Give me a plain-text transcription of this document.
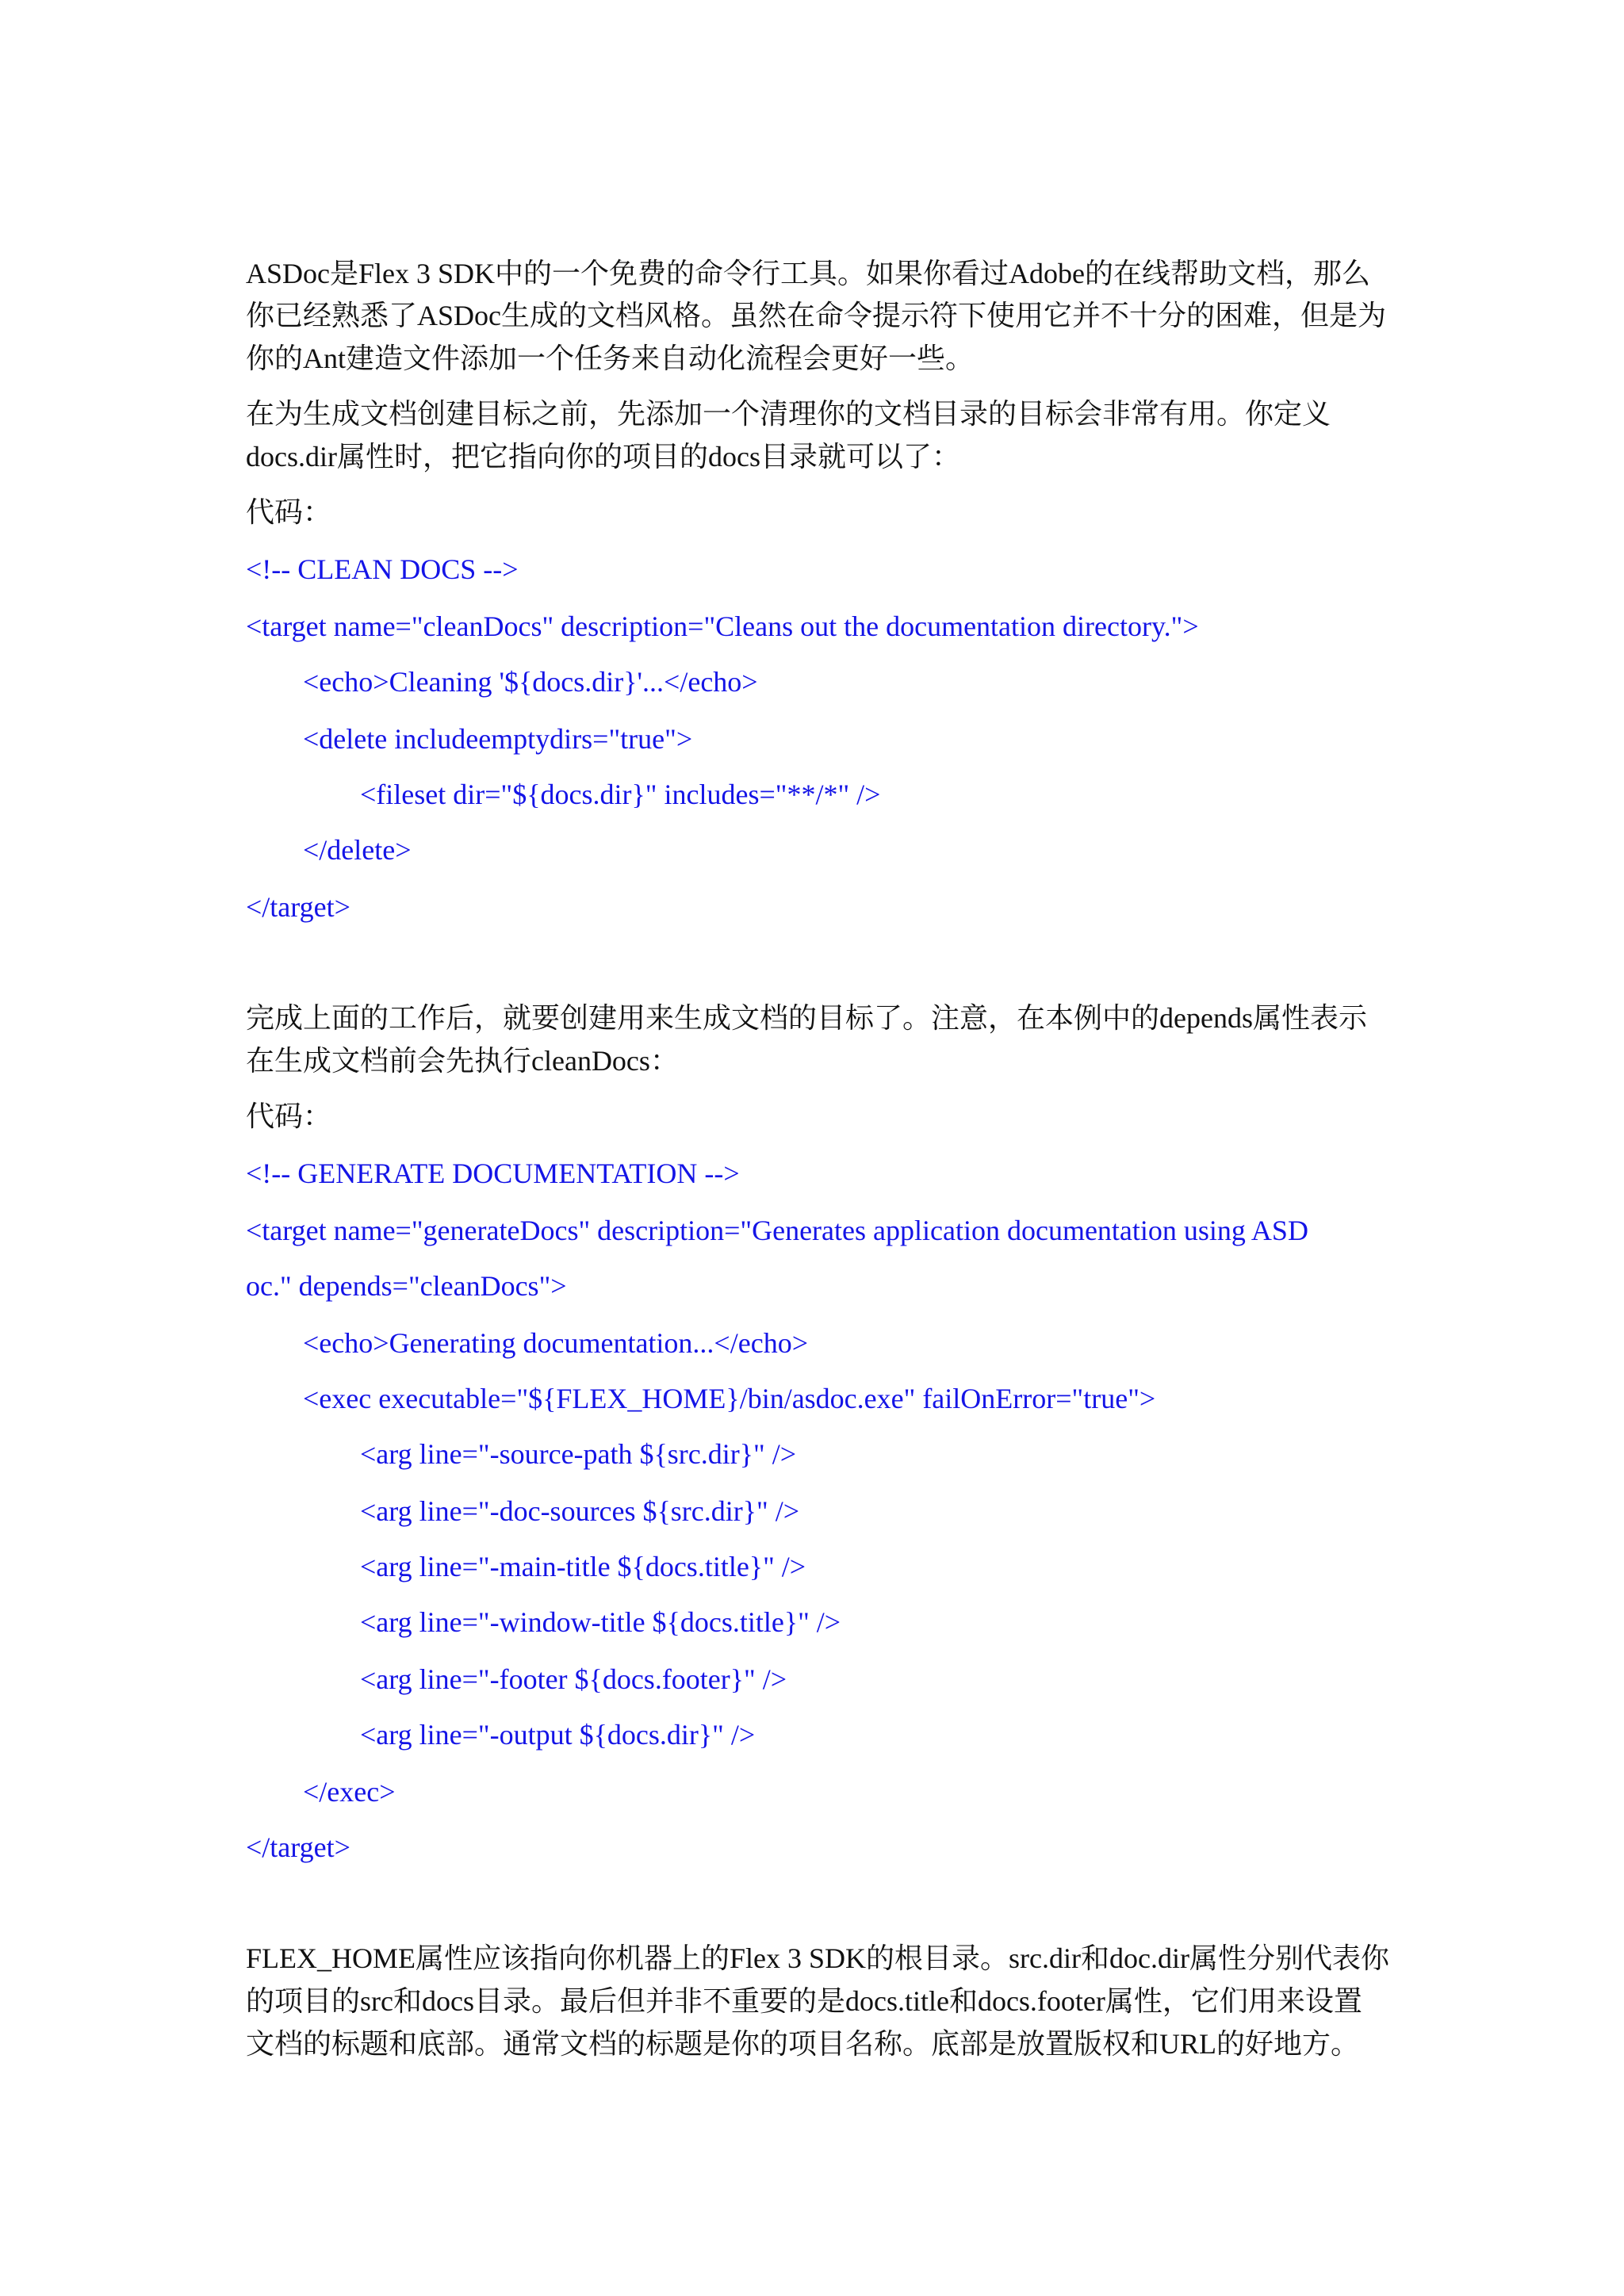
ASDoc是Flex 3 SDK中的一个免费的命令行工具。如果你看过Adobe的在线帮助文档，那么

你已经熟悉了ASDoc生成的文档风格。虽然在命令提示符下使用它并不十分的困难，但是为

你的Ant建造文件添加一个任务来自动化流程会更好一些。

在为生成文档创建目标之前，先添加一个清理你的文档目录的目标会非常有用。你定义

docs.dir属性时，把它指向你的项目的docs目录就可以了：

代码：

<!-- CLEAN DOCS -->

<target name="cleanDocs" description="Cleans out the documentation directory.">

<echo>Cleaning '${docs.dir}'...</echo>

<delete includeemptydirs="true">

<fileset dir="${docs.dir}" includes="**/*" />

</delete>

</target>

完成上面的工作后，就要创建用来生成文档的目标了。注意，在本例中的depends属性表示

在生成文档前会先执行cleanDocs：

代码：

<!-- GENERATE DOCUMENTATION -->

<target name="generateDocs" description="Generates application documentation using ASD

oc." depends="cleanDocs">

<echo>Generating documentation...</echo>

<exec executable="${FLEX_HOME}/bin/asdoc.exe" failOnError="true">

<arg line="-source-path ${src.dir}" />

<arg line="-doc-sources ${src.dir}" />

<arg line="-main-title ${docs.title}" />

<arg line="-window-title ${docs.title}" />

<arg line="-footer ${docs.footer}" />

<arg line="-output ${docs.dir}" />

</exec>

</target>

FLEX_HOME属性应该指向你机器上的Flex 3 SDK的根目录。src.dir和doc.dir属性分别代表你

的项目的src和docs目录。最后但并非不重要的是docs.title和docs.footer属性，它们用来设置

文档的标题和底部。通常文档的标题是你的项目名称。底部是放置版权和URL的好地方。
